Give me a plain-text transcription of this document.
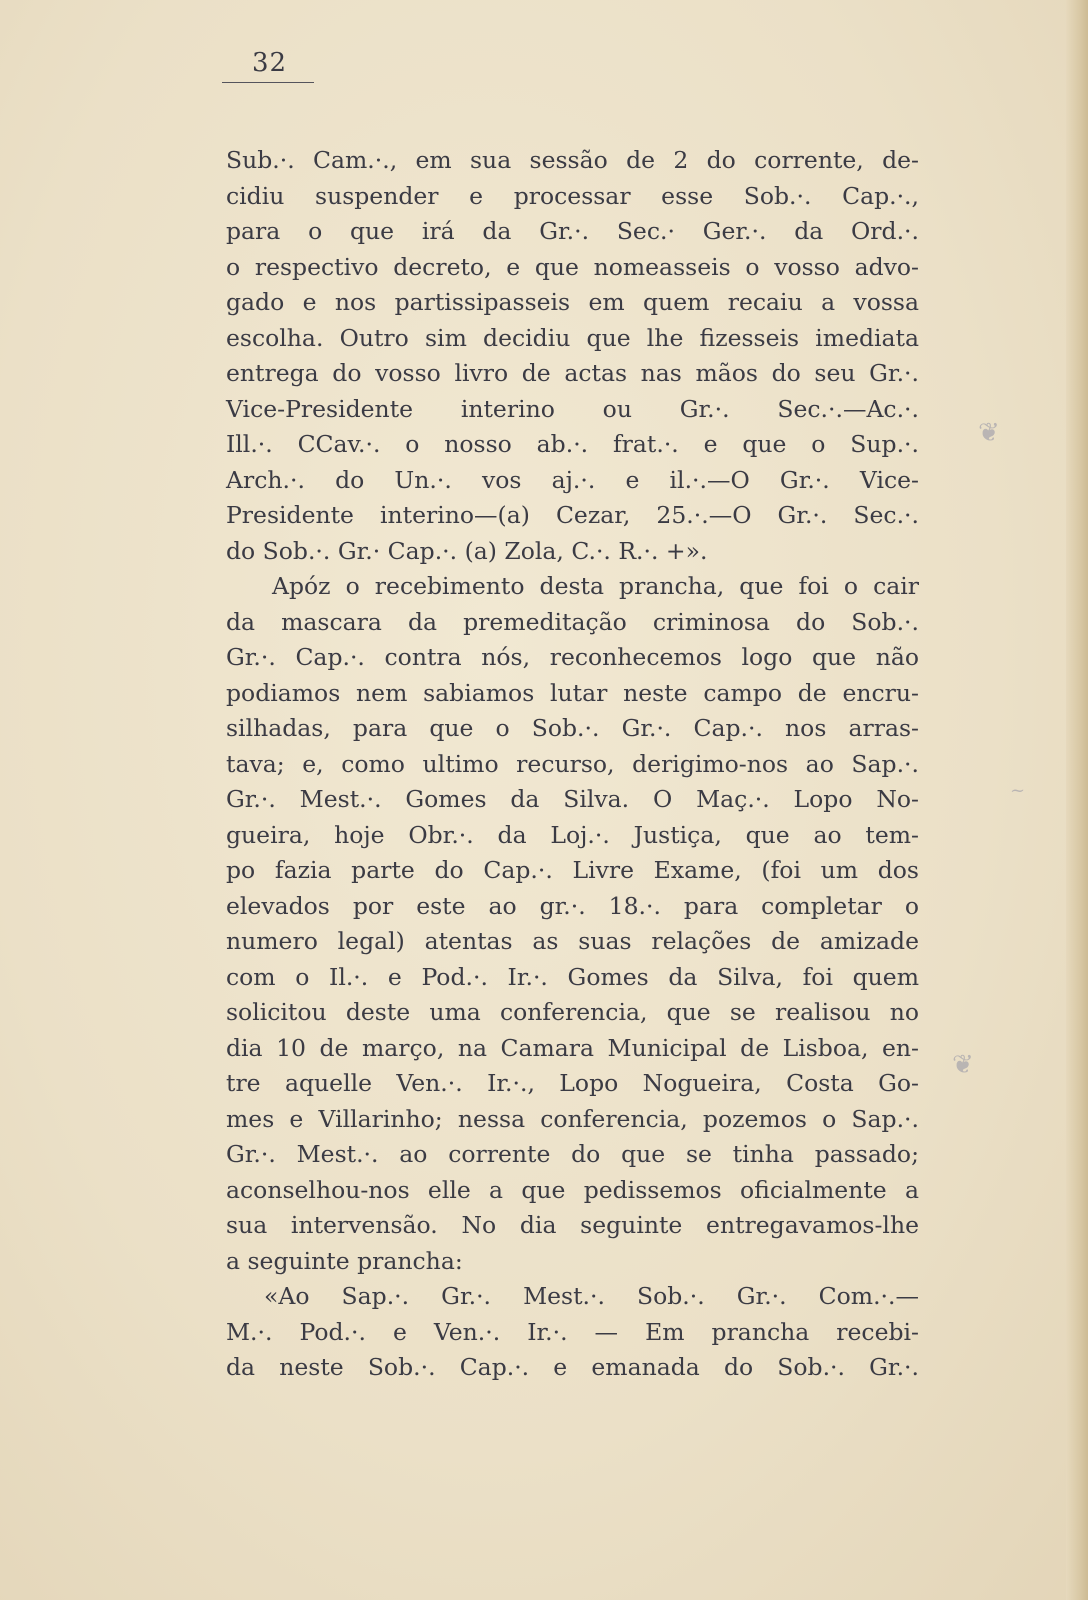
32
❦
~
❦
Sub.·. Cam.·., em sua sessão de 2 do corrente, de-
cidiu suspender e processar esse Sob.·. Cap.·.,
para o que irá da Gr.·. Sec.· Ger.·. da Ord.·.
o respectivo decreto, e que nomeasseis o vosso advo-
gado e nos partissipasseis em quem recaiu a vossa
escolha. Outro sim decidiu que lhe fizesseis imediata
entrega do vosso livro de actas nas mãos do seu Gr.·.
Vice-Presidente interino ou Gr.·. Sec.·.—Ac.·.
Ill.·. CCav.·. o nosso ab.·. frat.·. e que o Sup.·.
Arch.·. do Un.·. vos aj.·. e il.·.—O Gr.·. Vice-
Presidente interino—(a) Cezar, 25.·.—O Gr.·. Sec.·.
do Sob.·. Gr.· Cap.·. (a) Zola, C.·. R.·. +».
Apóz o recebimento desta prancha, que foi o cair
da mascara da premeditação criminosa do Sob.·.
Gr.·. Cap.·. contra nós, reconhecemos logo que não
podiamos nem sabiamos lutar neste campo de encru-
silhadas, para que o Sob.·. Gr.·. Cap.·. nos arras-
tava; e, como ultimo recurso, derigimo-nos ao Sap.·.
Gr.·. Mest.·. Gomes da Silva. O Maç.·. Lopo No-
gueira, hoje Obr.·. da Loj.·. Justiça, que ao tem-
po fazia parte do Cap.·. Livre Exame, (foi um dos
elevados por este ao gr.·. 18.·. para completar o
numero legal) atentas as suas relações de amizade
com o Il.·. e Pod.·. Ir.·. Gomes da Silva, foi quem
solicitou deste uma conferencia, que se realisou no
dia 10 de março, na Camara Municipal de Lisboa, en-
tre aquelle Ven.·. Ir.·., Lopo Nogueira, Costa Go-
mes e Villarinho; nessa conferencia, pozemos o Sap.·.
Gr.·. Mest.·. ao corrente do que se tinha passado;
aconselhou-nos elle a que pedissemos oficialmente a
sua intervensão. No dia seguinte entregavamos-lhe
a seguinte prancha:
«Ao Sap.·. Gr.·. Mest.·. Sob.·. Gr.·. Com.·.—
M.·. Pod.·. e Ven.·. Ir.·. — Em prancha recebi-
da neste Sob.·. Cap.·. e emanada do Sob.·. Gr.·.
